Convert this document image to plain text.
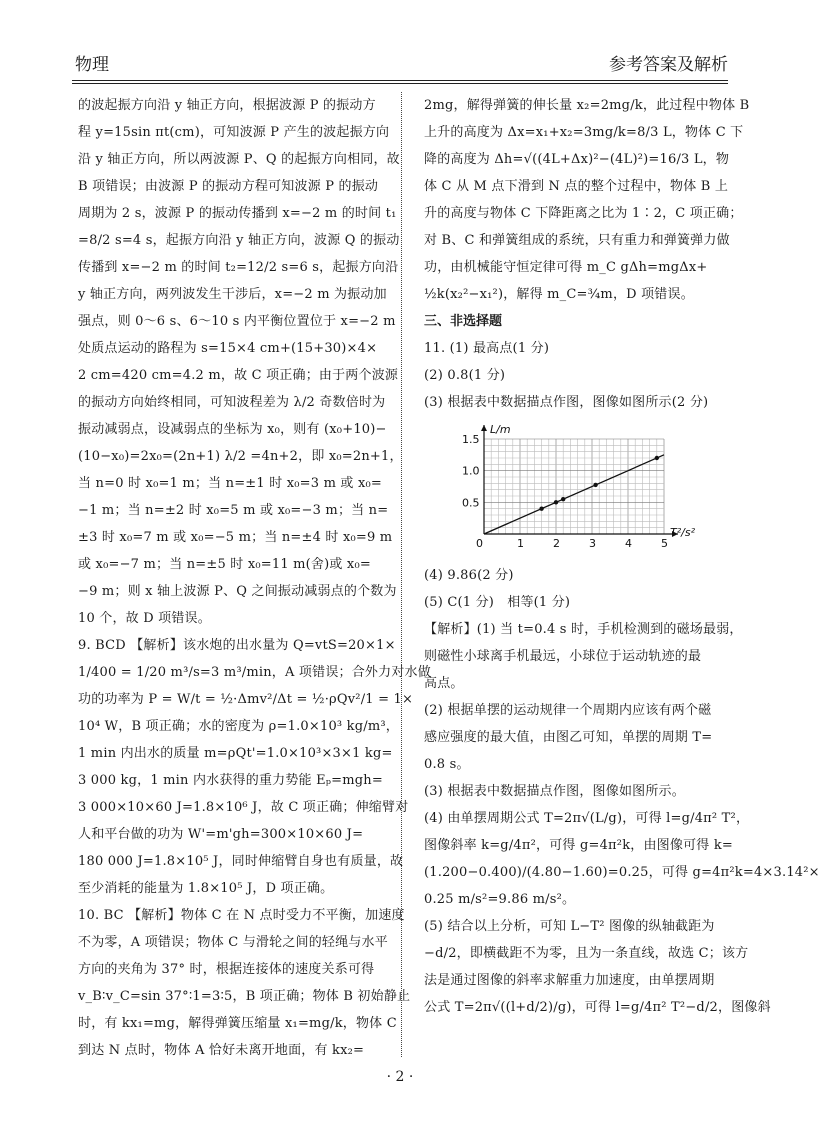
物理	参考答案及解析
的波起振方向沿 y 轴正方向，根据波源 P 的振动方
程 y=15sin πt(cm)，可知波源 P 产生的波起振方向
沿 y 轴正方向，所以两波源 P、Q 的起振方向相同，故
B 项错误；由波源 P 的振动方程可知波源 P 的振动
周期为 2 s，波源 P 的振动传播到 x=−2 m 的时间 t₁
=8/2 s=4 s，起振方向沿 y 轴正方向，波源 Q 的振动
传播到 x=−2 m 的时间 t₂=12/2 s=6 s，起振方向沿
y 轴正方向，两列波发生干涉后，x=−2 m 为振动加
强点，则 0～6 s、6～10 s 内平衡位置位于 x=−2 m
处质点运动的路程为 s=15×4 cm+(15+30)×4×
2 cm=420 cm=4.2 m，故 C 项正确；由于两个波源
的振动方向始终相同，可知波程差为 λ/2 奇数倍时为
振动减弱点，设减弱点的坐标为 x₀，则有 (x₀+10)−
(10−x₀)=2x₀=(2n+1) λ/2 =4n+2，即 x₀=2n+1，
当 n=0 时 x₀=1 m；当 n=±1 时 x₀=3 m 或 x₀=
−1 m；当 n=±2 时 x₀=5 m 或 x₀=−3 m；当 n=
±3 时 x₀=7 m 或 x₀=−5 m；当 n=±4 时 x₀=9 m
或 x₀=−7 m；当 n=±5 时 x₀=11 m(舍)或 x₀=
−9 m；则 x 轴上波源 P、Q 之间振动减弱点的个数为
10 个，故 D 项错误。
9. BCD 【解析】该水炮的出水量为 Q=vtS=20×1×
1/400 = 1/20 m³/s=3 m³/min，A 项错误；合外力对水做
功的功率为 P = W/t = ½·Δmv²/Δt = ½·ρQv²/1 = 1×
10⁴ W，B 项正确；水的密度为 ρ=1.0×10³ kg/m³，
1 min 内出水的质量 m=ρQt'=1.0×10³×3×1 kg=
3 000 kg，1 min 内水获得的重力势能 Eₚ=mgh=
3 000×10×60 J=1.8×10⁶ J，故 C 项正确；伸缩臂对
人和平台做的功为 W'=m'gh=300×10×60 J=
180 000 J=1.8×10⁵ J，同时伸缩臂自身也有质量，故
至少消耗的能量为 1.8×10⁵ J，D 项正确。
10. BC 【解析】物体 C 在 N 点时受力不平衡，加速度
不为零，A 项错误；物体 C 与滑轮之间的轻绳与水平
方向的夹角为 37° 时，根据连接体的速度关系可得
v_B∶v_C=sin 37°∶1=3∶5，B 项正确；物体 B 初始静止
时，有 kx₁=mg，解得弹簧压缩量 x₁=mg/k，物体 C
到达 N 点时，物体 A 恰好未离开地面，有 kx₂=
2mg，解得弹簧的伸长量 x₂=2mg/k，此过程中物体 B
上升的高度为 Δx=x₁+x₂=3mg/k=8/3 L，物体 C 下
降的高度为 Δh=√((4L+Δx)²−(4L)²)=16/3 L，物
体 C 从 M 点下滑到 N 点的整个过程中，物体 B 上
升的高度与物体 C 下降距离之比为 1∶2，C 项正确；
对 B、C 和弹簧组成的系统，只有重力和弹簧弹力做
功，由机械能守恒定律可得 m_C gΔh=mgΔx+
½k(x₂²−x₁²)，解得 m_C=¾m，D 项错误。
三、非选择题
11. (1) 最高点(1 分)
(2) 0.8(1 分)
(3) 根据表中数据描点作图，图像如图所示(2 分)
0	1	2	3	4	5
0.5
1.0
1.5
T²/s²
L/m
(4) 9.86(2 分)
(5) C(1 分)　相等(1 分)
【解析】(1) 当 t=0.4 s 时，手机检测到的磁场最弱，
则磁性小球离手机最远，小球位于运动轨迹的最
高点。
(2) 根据单摆的运动规律一个周期内应该有两个磁
感应强度的最大值，由图乙可知，单摆的周期 T=
0.8 s。
(3) 根据表中数据描点作图，图像如图所示。
(4) 由单摆周期公式 T=2π√(L/g)，可得 l=g/4π² T²，
图像斜率 k=g/4π²，可得 g=4π²k，由图像可得 k=
(1.200−0.400)/(4.80−1.60)=0.25，可得 g=4π²k=4×3.14²×
0.25 m/s²=9.86 m/s²。
(5) 结合以上分析，可知 L−T² 图像的纵轴截距为
−d/2，即横截距不为零，且为一条直线，故选 C；该方
法是通过图像的斜率求解重力加速度，由单摆周期
公式 T=2π√((l+d/2)/g)，可得 l=g/4π² T²−d/2，图像斜
· 2 ·
